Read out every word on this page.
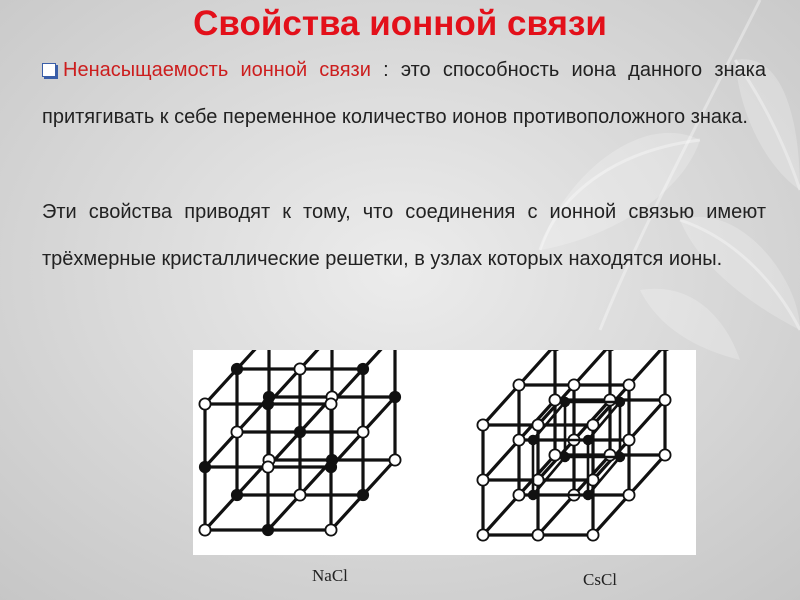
Свойства ионной связи
Ненасыщаемость ионной связи : это способность иона данного знака притягивать к себе переменное количество ионов противоположного знака.
Эти свойства приводят к тому, что соединения с ионной связью имеют трёхмерные кристаллические решетки, в узлах которых находятся ионы.
NaCl	CsCl
